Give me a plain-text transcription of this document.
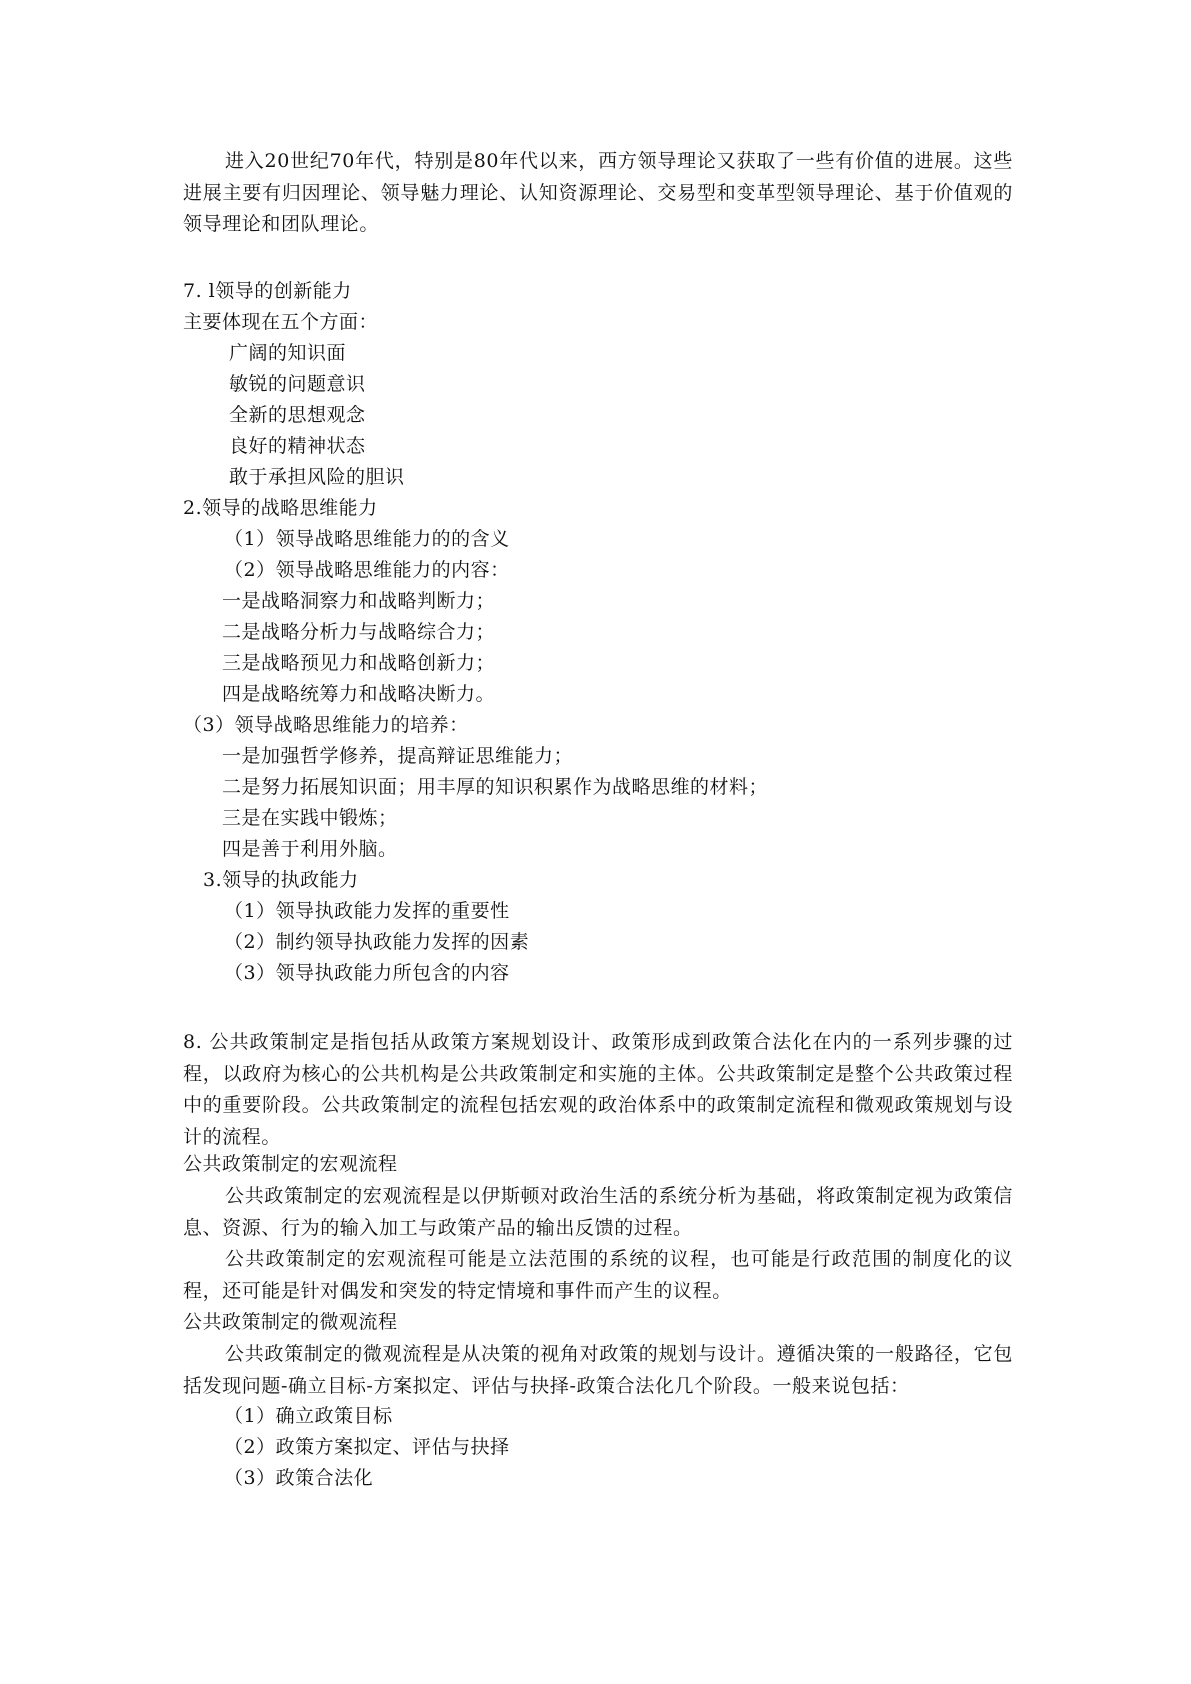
进入20世纪70年代，特别是80年代以来，西方领导理论又获取了一些有价值的进展。这些进展主要有归因理论、领导魅力理论、认知资源理论、交易型和变革型领导理论、基于价值观的领导理论和团队理论。
7. l领导的创新能力
主要体现在五个方面：
广阔的知识面
敏锐的问题意识
全新的思想观念
良好的精神状态
敢于承担风险的胆识
2.领导的战略思维能力
（1）领导战略思维能力的的含义
（2）领导战略思维能力的内容：
一是战略洞察力和战略判断力；
二是战略分析力与战略综合力；
三是战略预见力和战略创新力；
四是战略统筹力和战略决断力。
（3）领导战略思维能力的培养：
一是加强哲学修养，提高辩证思维能力；
二是努力拓展知识面；用丰厚的知识积累作为战略思维的材料；
三是在实践中锻炼；
四是善于利用外脑。
3.领导的执政能力
（1）领导执政能力发挥的重要性
（2）制约领导执政能力发挥的因素
（3）领导执政能力所包含的内容
8. 公共政策制定是指包括从政策方案规划设计、政策形成到政策合法化在内的一系列步骤的过程，以政府为核心的公共机构是公共政策制定和实施的主体。公共政策制定是整个公共政策过程中的重要阶段。公共政策制定的流程包括宏观的政治体系中的政策制定流程和微观政策规划与设计的流程。
公共政策制定的宏观流程
公共政策制定的宏观流程是以伊斯顿对政治生活的系统分析为基础，将政策制定视为政策信息、资源、行为的输入加工与政策产品的输出反馈的过程。
公共政策制定的宏观流程可能是立法范围的系统的议程，也可能是行政范围的制度化的议程，还可能是针对偶发和突发的特定情境和事件而产生的议程。
公共政策制定的微观流程
公共政策制定的微观流程是从决策的视角对政策的规划与设计。遵循决策的一般路径，它包括发现问题-确立目标-方案拟定、评估与抉择-政策合法化几个阶段。一般来说包括：
（1）确立政策目标
（2）政策方案拟定、评估与抉择
（3）政策合法化
